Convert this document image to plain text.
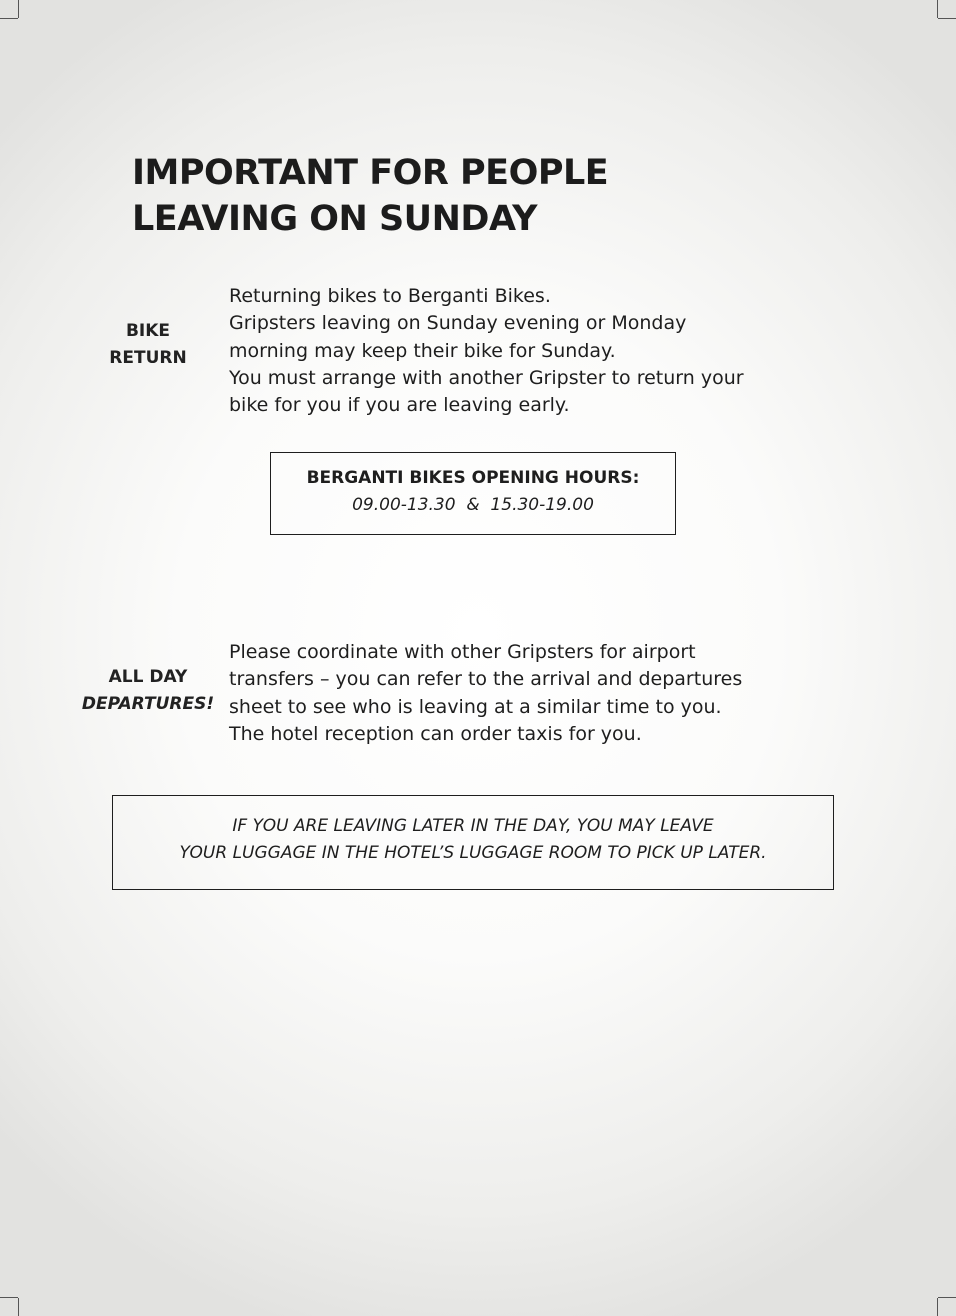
IMPORTANT FOR PEOPLE
LEAVING ON SUNDAY
BIKE
RETURN
Returning bikes to Berganti Bikes.
Gripsters leaving on Sunday evening or Monday
morning may keep their bike for Sunday.
You must arrange with another Gripster to return your
bike for you if you are leaving early.
BERGANTI BIKES OPENING HOURS:
09.00-13.30  &  15.30-19.00
ALL DAY
DEPARTURES!
Please coordinate with other Gripsters for airport
transfers – you can refer to the arrival and departures
sheet to see who is leaving at a similar time to you.
The hotel reception can order taxis for you.
IF YOU ARE LEAVING LATER IN THE DAY, YOU MAY LEAVE
YOUR LUGGAGE IN THE HOTEL’S LUGGAGE ROOM TO PICK UP LATER.
